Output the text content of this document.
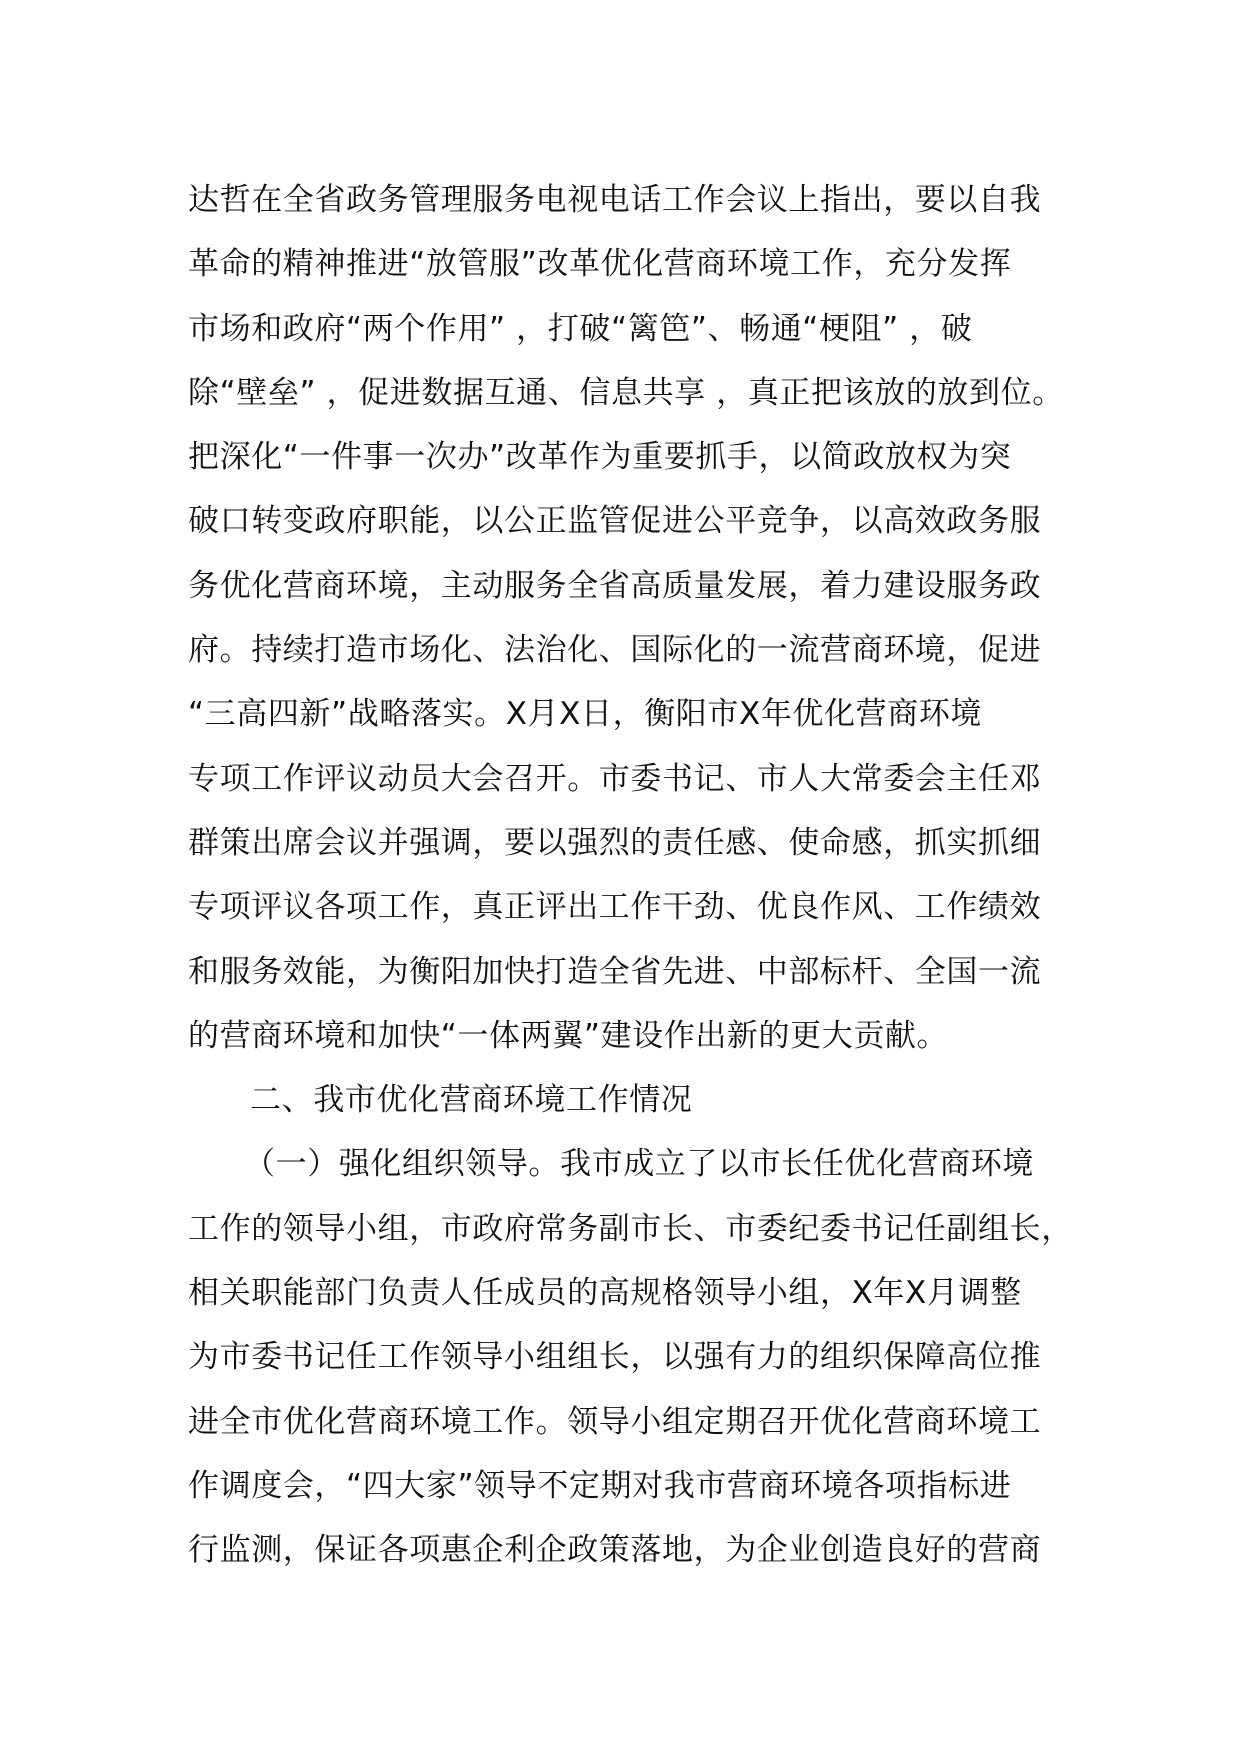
达哲在全省政务管理服务电视电话工作会议上指出，要以自我
革命的精神推进“放管服”改革优化营商环境工作，充分发挥
市场和政府“两个作用” ，打破“篱笆”、畅通“梗阻” ，破
除“壁垒” ，促进数据互通、信息共享 ，真正把该放的放到位。
把深化“一件事一次办”改革作为重要抓手，以简政放权为突
破口转变政府职能，以公正监管促进公平竞争，以高效政务服
务优化营商环境，主动服务全省高质量发展，着力建设服务政
府。持续打造市场化、法治化、国际化的一流营商环境，促进
“三高四新”战略落实。X月X日，衡阳市X年优化营商环境
专项工作评议动员大会召开。市委书记、市人大常委会主任邓
群策出席会议并强调，要以强烈的责任感、使命感，抓实抓细
专项评议各项工作，真正评出工作干劲、优良作风、工作绩效
和服务效能，为衡阳加快打造全省先进、中部标杆、全国一流
的营商环境和加快“一体两翼”建设作出新的更大贡献。
二、我市优化营商环境工作情况
（一）强化组织领导。我市成立了以市长任优化营商环境
工作的领导小组，市政府常务副市长、市委纪委书记任副组长，
相关职能部门负责人任成员的高规格领导小组，X年X月调整
为市委书记任工作领导小组组长，以强有力的组织保障高位推
进全市优化营商环境工作。领导小组定期召开优化营商环境工
作调度会，“四大家”领导不定期对我市营商环境各项指标进
行监测，保证各项惠企利企政策落地，为企业创造良好的营商
